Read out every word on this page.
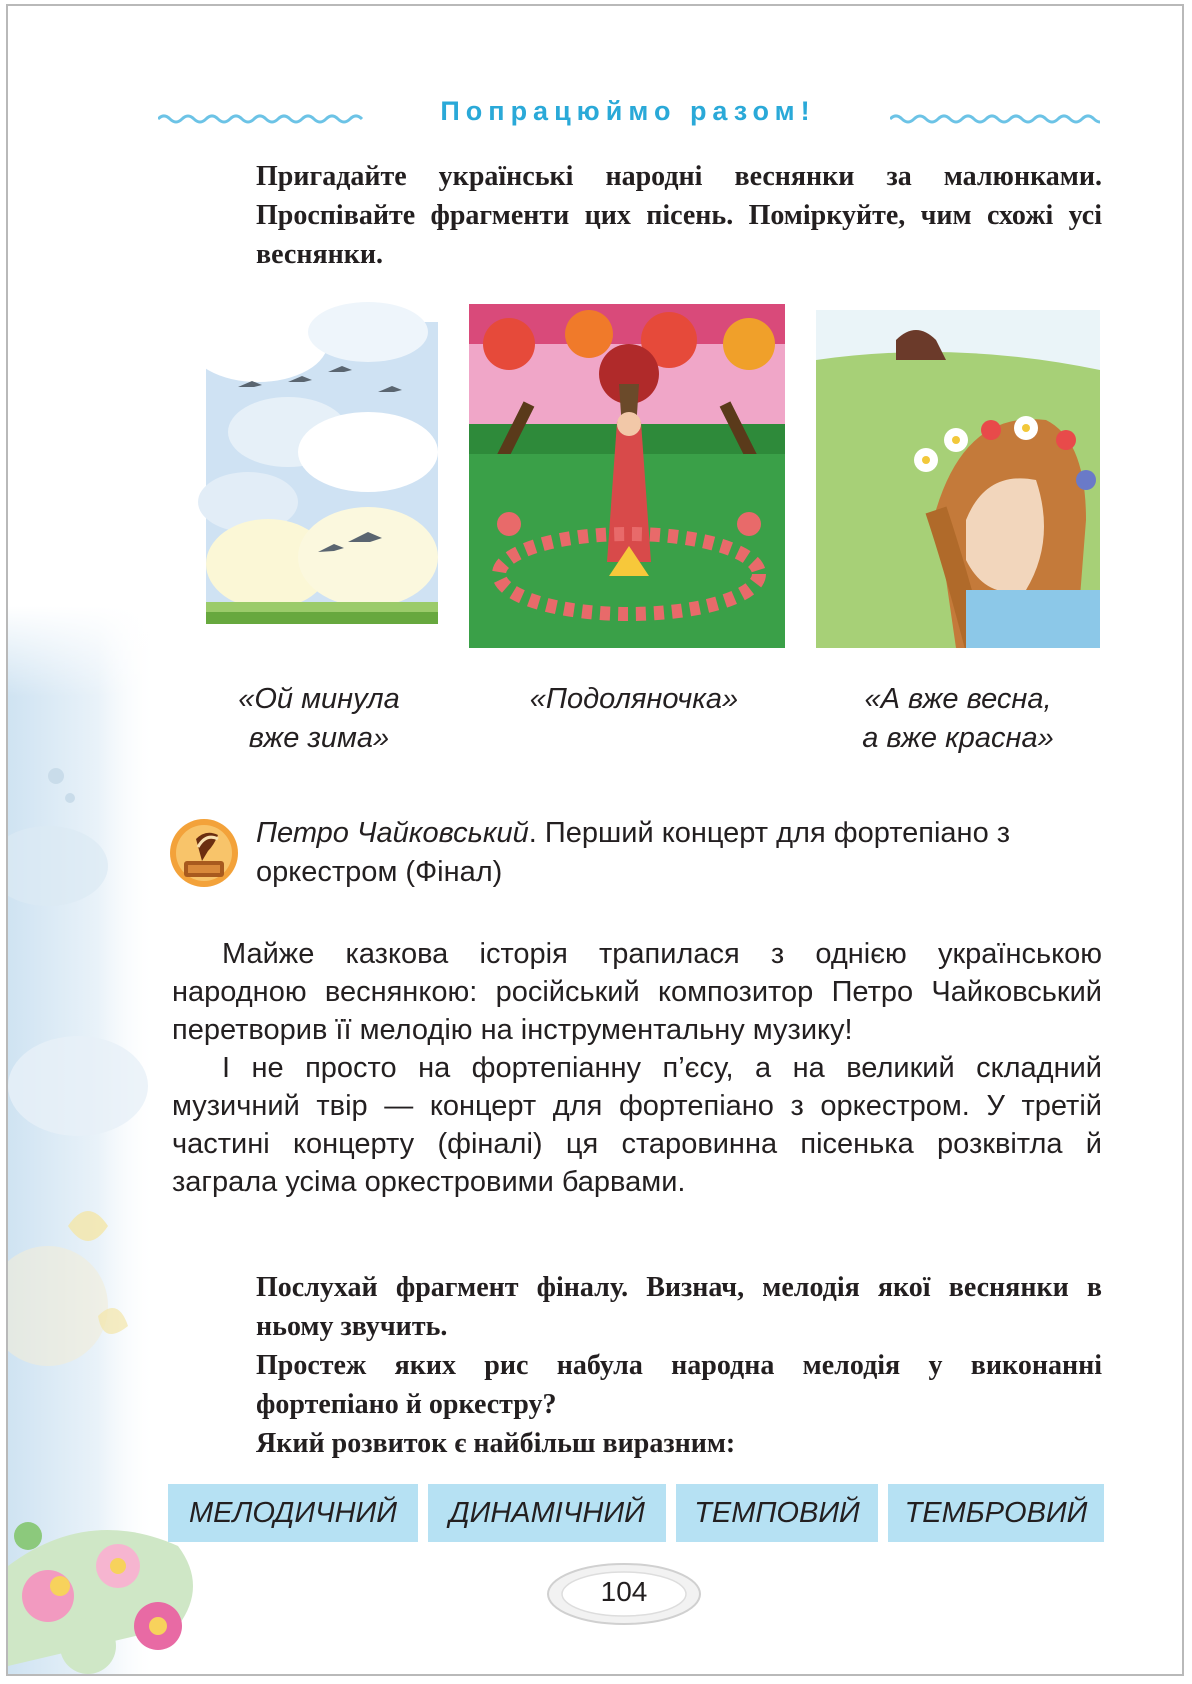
Попрацюймо разом!
Пригадайте українські народні веснянки за малюнками. Проспівайте фрагменти цих пісень. Поміркуйте, чим схожі усі веснянки.
«Ой минула
вже зима»
«Подоляночка»	«А вже весна,
а вже красна»
Петро Чайковський. Перший концерт для фортепіано з оркестром (Фінал)

Майже казкова історія трапилася з однією українською народною веснянкою: російський композитор Петро Чайковський перетворив її мелодію на інструментальну музику!

І не просто на фортепіанну п’єсу, а на великий складний музичний твір — концерт для фортепіано з оркестром. У третій частині концерту (фіналі) ця старовинна пісенька розквітла й заграла усіма оркестровими барвами.

Послухай фрагмент фіналу. Визнач, мелодія якої веснянки в ньому звучить.

Простеж яких рис набула народна мелодія у виконанні фортепіано й оркестру?

Який розвиток є найбільш виразним:

МЕЛОДИЧНИЙ	ДИНАМІЧНИЙ	ТЕМПОВИЙ	ТЕМБРОВИЙ
104
